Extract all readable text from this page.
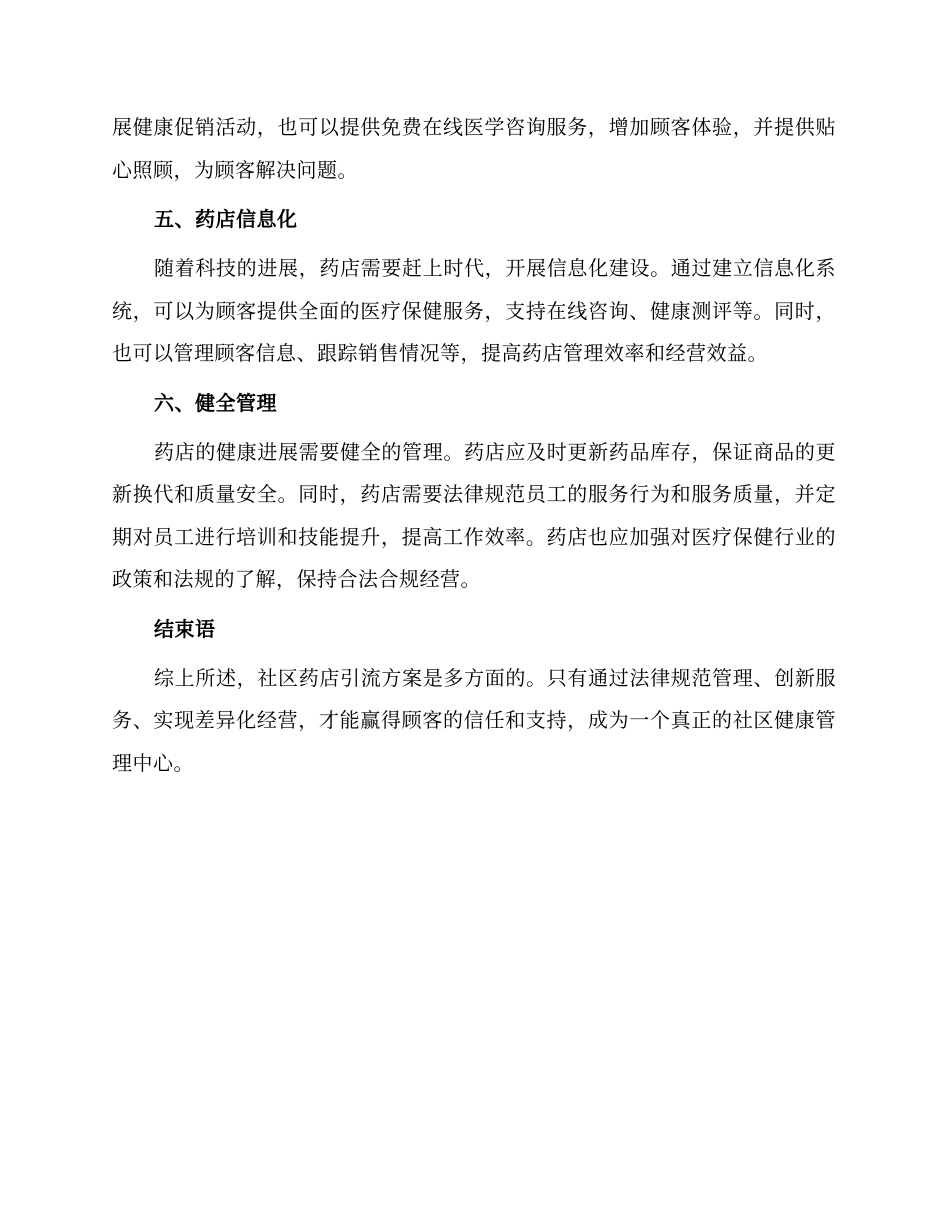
展健康促销活动，也可以提供免费在线医学咨询服务，增加顾客体验，并提供贴心照顾，为顾客解决问题。

五、药店信息化

随着科技的进展，药店需要赶上时代，开展信息化建设。通过建立信息化系统，可以为顾客提供全面的医疗保健服务，支持在线咨询、健康测评等。同时，也可以管理顾客信息、跟踪销售情况等，提高药店管理效率和经营效益。

六、健全管理

药店的健康进展需要健全的管理。药店应及时更新药品库存，保证商品的更新换代和质量安全。同时，药店需要法律规范员工的服务行为和服务质量，并定期对员工进行培训和技能提升，提高工作效率。药店也应加强对医疗保健行业的政策和法规的了解，保持合法合规经营。

结束语

综上所述，社区药店引流方案是多方面的。只有通过法律规范管理、创新服务、实现差异化经营，才能赢得顾客的信任和支持，成为一个真正的社区健康管理中心。
